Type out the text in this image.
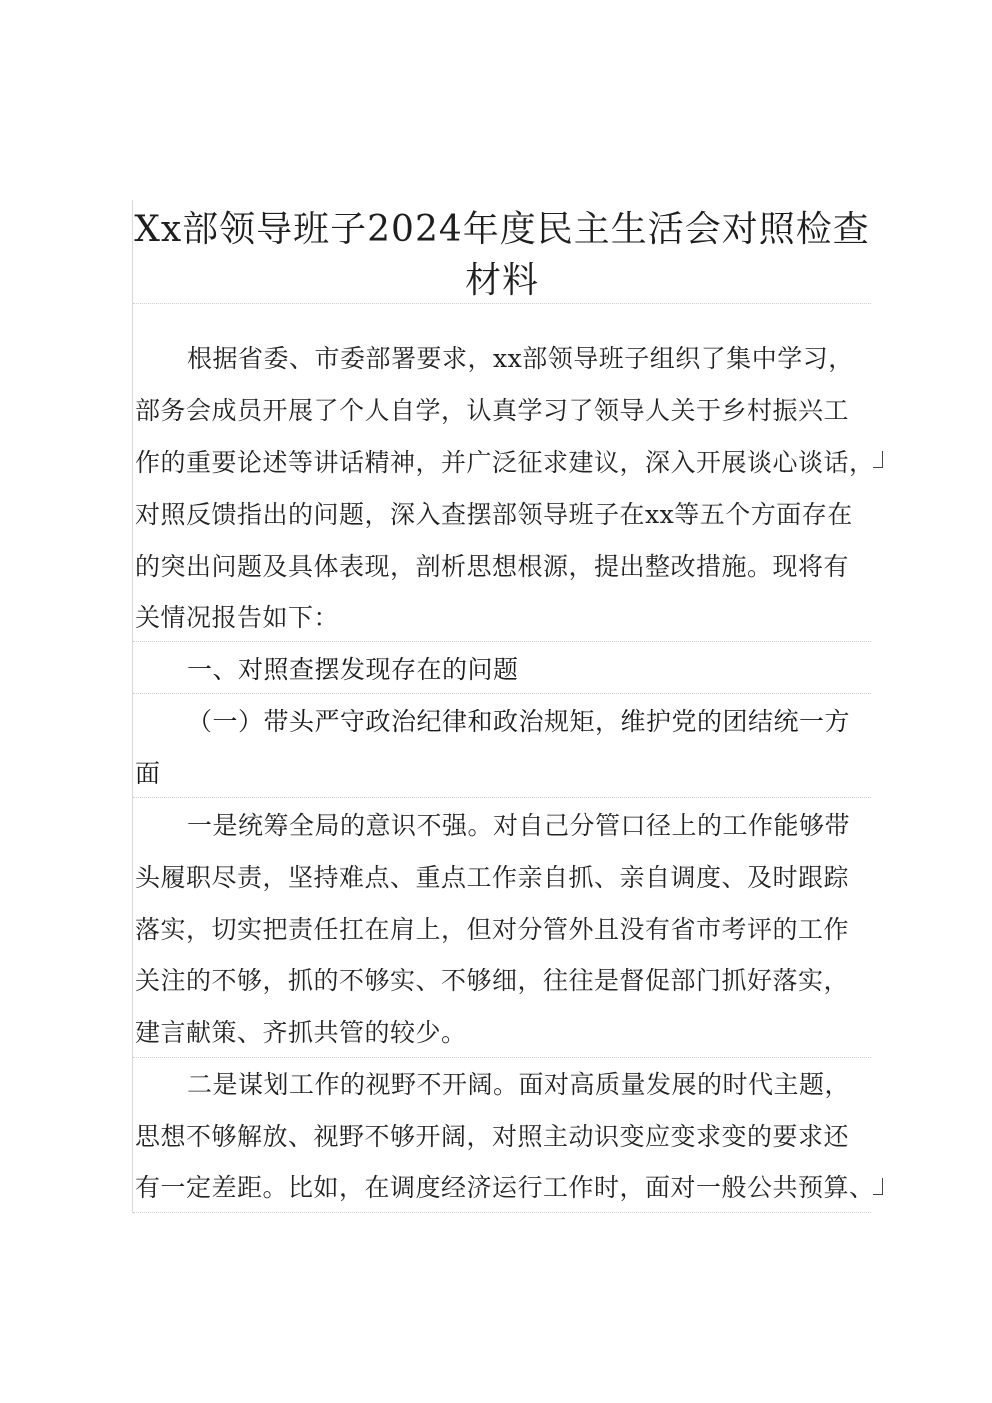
Xx部领导班子2024年度民主生活会对照检查
材料
根据省委、市委部署要求，xx部领导班子组织了集中学习，
部务会成员开展了个人自学，认真学习了领导人关于乡村振兴工
作的重要论述等讲话精神，并广泛征求建议，深入开展谈心谈话，
对照反馈指出的问题，深入查摆部领导班子在xx等五个方面存在
的突出问题及具体表现，剖析思想根源，提出整改措施。现将有
关情况报告如下：
一、对照查摆发现存在的问题
（一）带头严守政治纪律和政治规矩，维护党的团结统一方
面
一是统筹全局的意识不强。对自己分管口径上的工作能够带
头履职尽责，坚持难点、重点工作亲自抓、亲自调度、及时跟踪
落实，切实把责任扛在肩上，但对分管外且没有省市考评的工作
关注的不够，抓的不够实、不够细，往往是督促部门抓好落实，
建言献策、齐抓共管的较少。
二是谋划工作的视野不开阔。面对高质量发展的时代主题，
思想不够解放、视野不够开阔，对照主动识变应变求变的要求还
有一定差距。比如，在调度经济运行工作时，面对一般公共预算、
